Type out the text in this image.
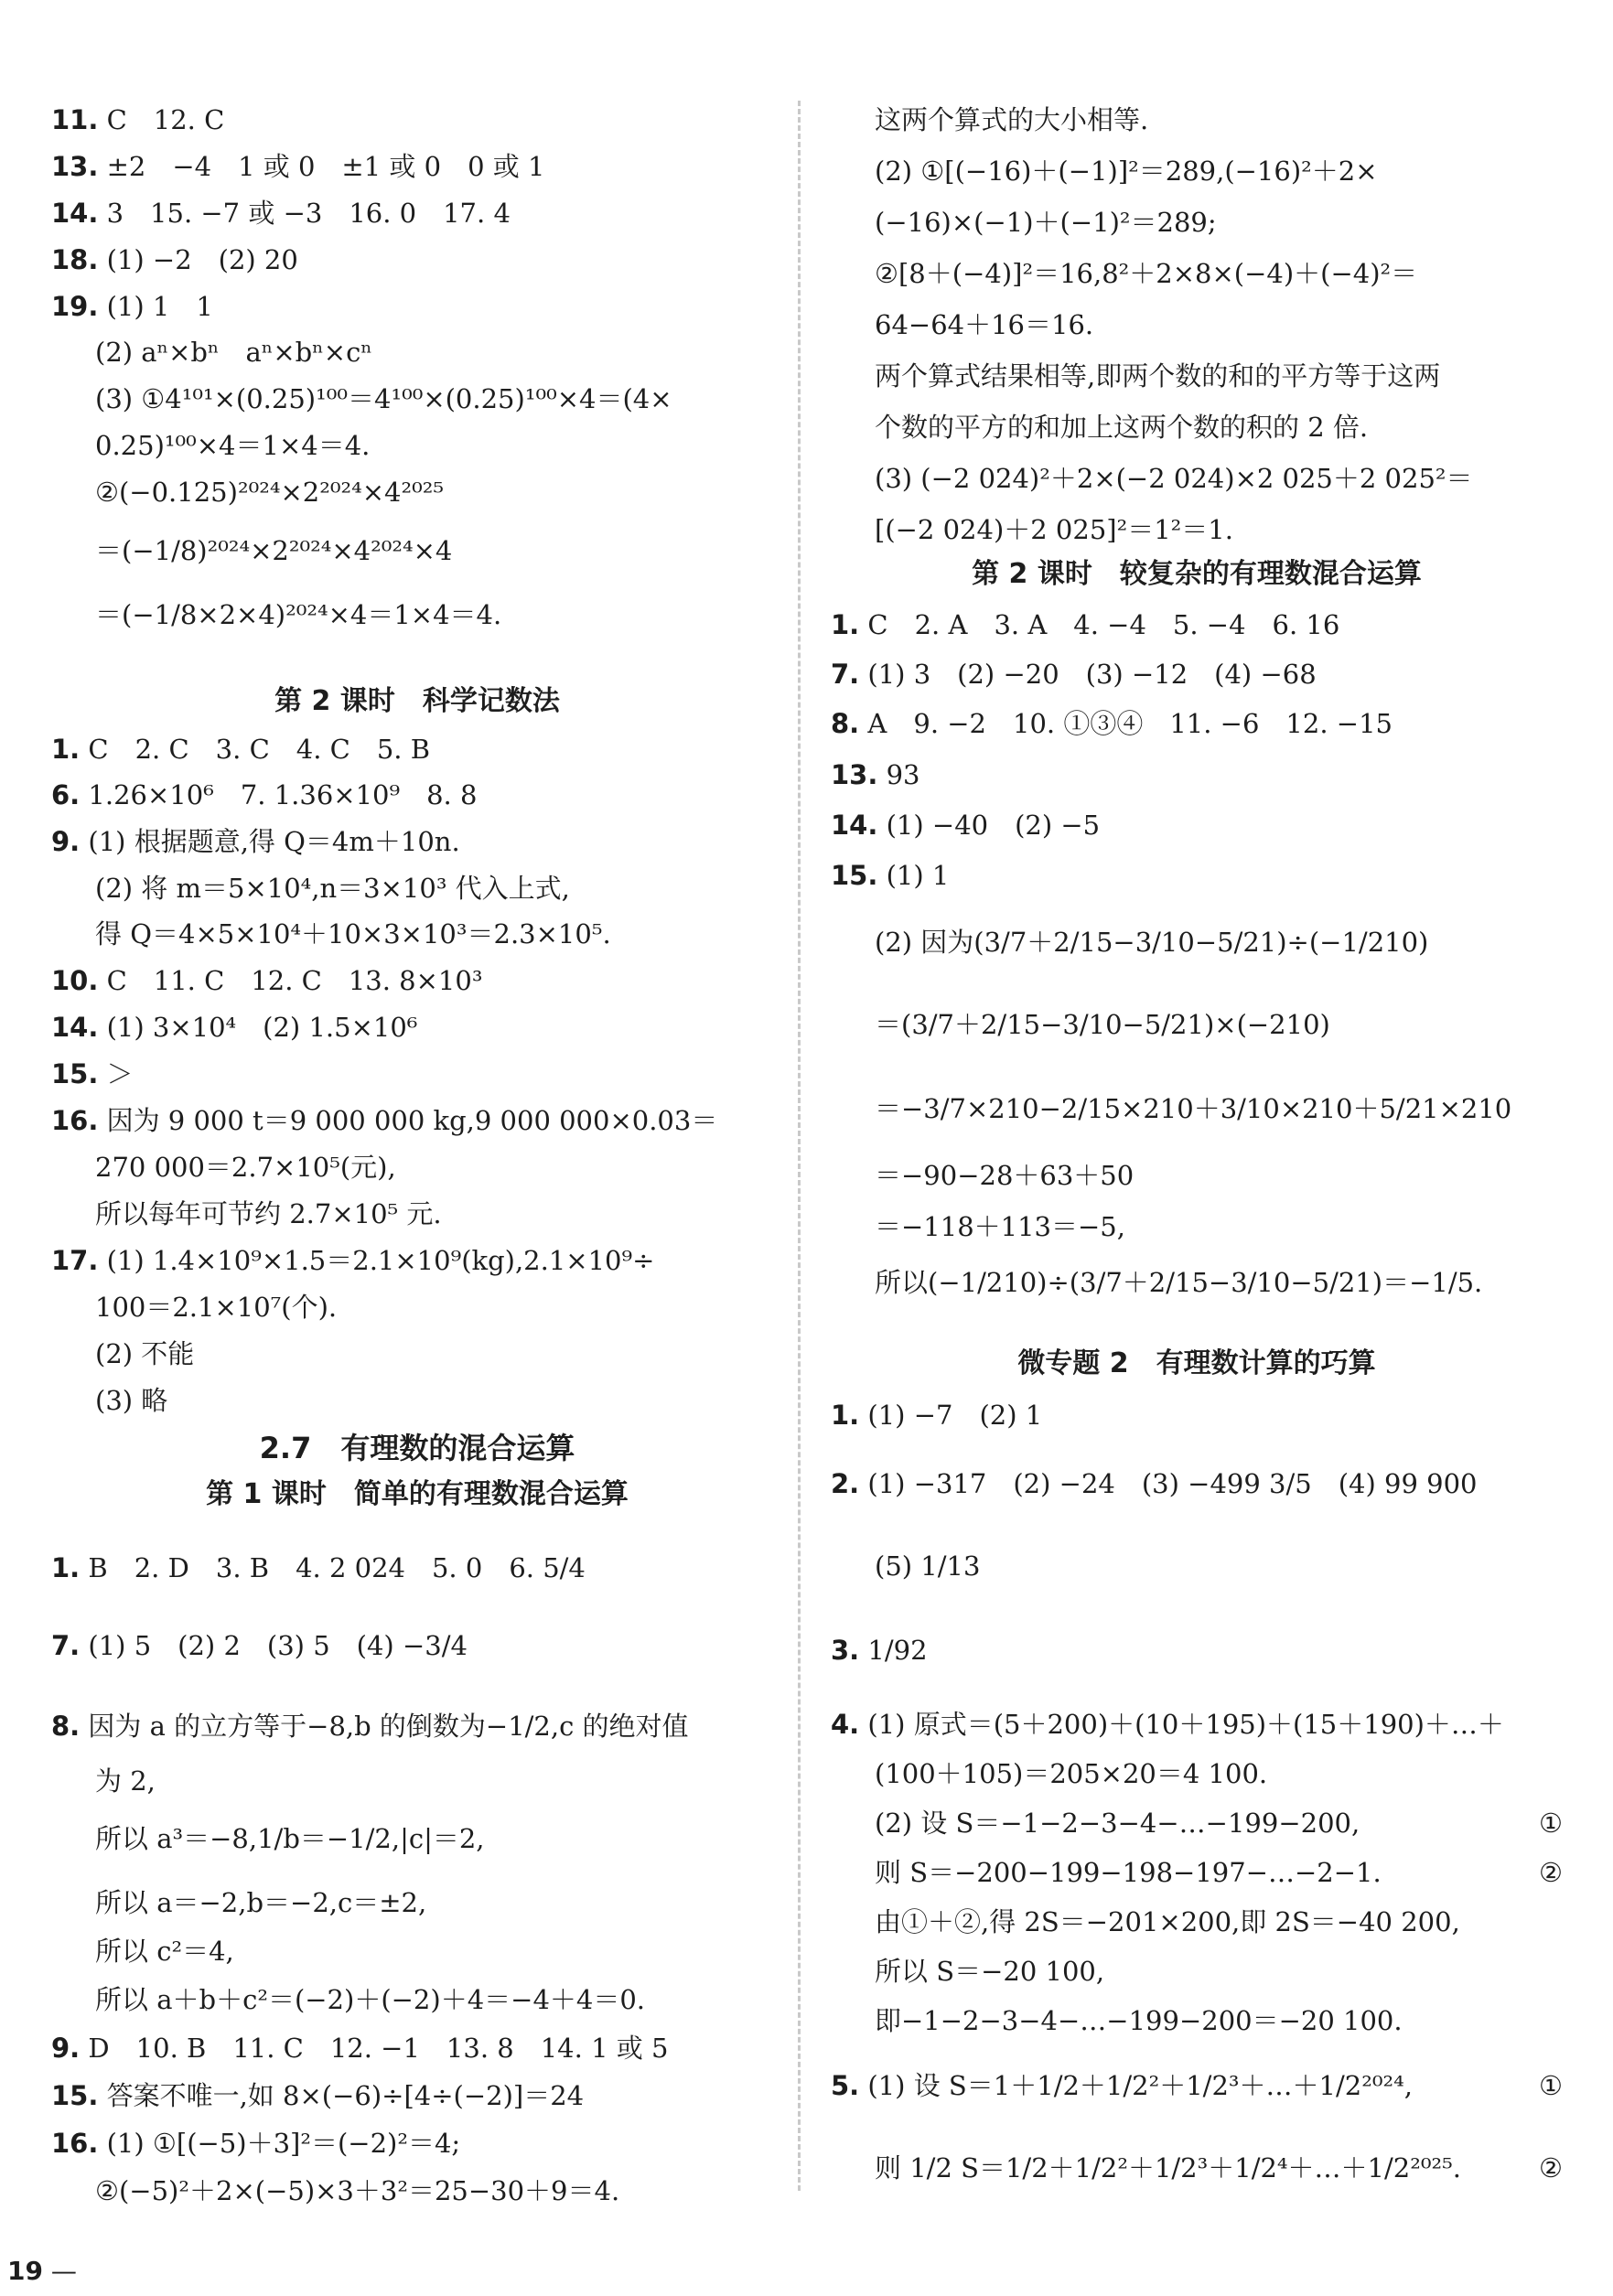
11. C　12. C
13. ±2　−4　1 或 0　±1 或 0　0 或 1
14. 3　15. −7 或 −3　16. 0　17. 4
18. (1) −2　(2) 20
19. (1) 1　1
(2) aⁿ×bⁿ　aⁿ×bⁿ×cⁿ
(3) ①4¹⁰¹×(0.25)¹⁰⁰＝4¹⁰⁰×(0.25)¹⁰⁰×4＝(4×
0.25)¹⁰⁰×4＝1×4＝4.
②(−0.125)²⁰²⁴×2²⁰²⁴×4²⁰²⁵
＝(−1/8)²⁰²⁴×2²⁰²⁴×4²⁰²⁴×4
＝(−1/8×2×4)²⁰²⁴×4＝1×4＝4.
第 2 课时　科学记数法
1. C　2. C　3. C　4. C　5. B
6. 1.26×10⁶　7. 1.36×10⁹　8. 8
9. (1) 根据题意,得 Q＝4m＋10n.
(2) 将 m＝5×10⁴,n＝3×10³ 代入上式,
得 Q＝4×5×10⁴＋10×3×10³＝2.3×10⁵.
10. C　11. C　12. C　13. 8×10³
14. (1) 3×10⁴　(2) 1.5×10⁶
15. ＞
16. 因为 9 000 t＝9 000 000 kg,9 000 000×0.03＝
270 000＝2.7×10⁵(元),
所以每年可节约 2.7×10⁵ 元.
17. (1) 1.4×10⁹×1.5＝2.1×10⁹(kg),2.1×10⁹÷
100＝2.1×10⁷(个).
(2) 不能
(3) 略
2.7　有理数的混合运算
第 1 课时　简单的有理数混合运算
1. B　2. D　3. B　4. 2 024　5. 0　6. 5/4
7. (1) 5　(2) 2　(3) 5　(4) −3/4
8. 因为 a 的立方等于−8,b 的倒数为−1/2,c 的绝对值
为 2,
所以 a³＝−8,1/b＝−1/2,|c|＝2,
所以 a＝−2,b＝−2,c＝±2,
所以 c²＝4,
所以 a＋b＋c²＝(−2)＋(−2)＋4＝−4＋4＝0.
9. D　10. B　11. C　12. −1　13. 8　14. 1 或 5
15. 答案不唯一,如 8×(−6)÷[4÷(−2)]＝24
16. (1) ①[(−5)＋3]²＝(−2)²＝4;
②(−5)²＋2×(−5)×3＋3²＝25−30＋9＝4.
这两个算式的大小相等.
(2) ①[(−16)＋(−1)]²＝289,(−16)²＋2×
(−16)×(−1)＋(−1)²＝289;
②[8＋(−4)]²＝16,8²＋2×8×(−4)＋(−4)²＝
64−64＋16＝16.
两个算式结果相等,即两个数的和的平方等于这两
个数的平方的和加上这两个数的积的 2 倍.
(3) (−2 024)²＋2×(−2 024)×2 025＋2 025²＝
[(−2 024)＋2 025]²＝1²＝1.
第 2 课时　较复杂的有理数混合运算
1. C　2. A　3. A　4. −4　5. −4　6. 16
7. (1) 3　(2) −20　(3) −12　(4) −68
8. A　9. −2　10. ①③④　11. −6　12. −15
13. 93
14. (1) −40　(2) −5
15. (1) 1
(2) 因为(3/7＋2/15−3/10−5/21)÷(−1/210)
＝(3/7＋2/15−3/10−5/21)×(−210)
＝−3/7×210−2/15×210＋3/10×210＋5/21×210
＝−90−28＋63＋50
＝−118＋113＝−5,
所以(−1/210)÷(3/7＋2/15−3/10−5/21)＝−1/5.
微专题 2　有理数计算的巧算
1. (1) −7　(2) 1
2. (1) −317　(2) −24　(3) −499 3/5　(4) 99 900
(5) 1/13
3. 1/92
4. (1) 原式＝(5＋200)＋(10＋195)＋(15＋190)＋…＋
(100＋105)＝205×20＝4 100.
(2) 设 S＝−1−2−3−4−…−199−200,	①
则 S＝−200−199−198−197−…−2−1.	②
由①＋②,得 2S＝−201×200,即 2S＝−40 200,
所以 S＝−20 100,
即−1−2−3−4−…−199−200＝−20 100.
5. (1) 设 S＝1＋1/2＋1/2²＋1/2³＋…＋1/2²⁰²⁴,	①
则 1/2 S＝1/2＋1/2²＋1/2³＋1/2⁴＋…＋1/2²⁰²⁵.	②
19 —
